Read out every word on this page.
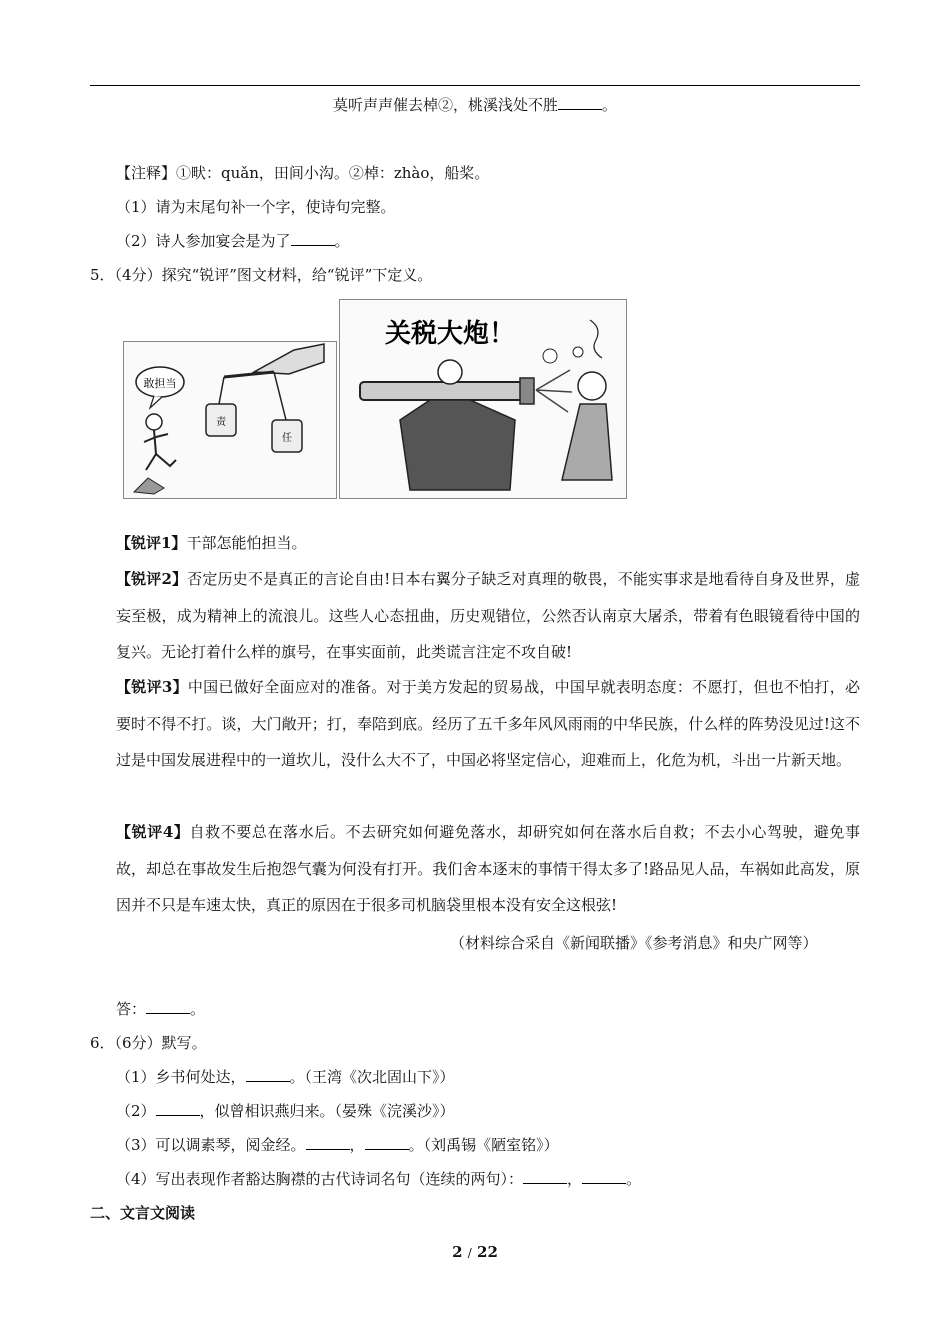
莫听声声催去棹②，桃溪浅处不胜	。
【注释】①畎：quǎn，田间小沟。②棹：zhào，船桨。
（1）请为末尾句补一个字，使诗句完整。
（2）诗人参加宴会是为了	。
5．（4分）探究“锐评”图文材料，给“锐评”下定义。
敢担当
责
任
关税大炮！
【锐评1】干部怎能怕担当。
【锐评2】否定历史不是真正的言论自由!日本右翼分子缺乏对真理的敬畏，不能实事求是地看待自身及世界，虚妄至极，成为精神上的流浪儿。这些人心态扭曲，历史观错位，公然否认南京大屠杀，带着有色眼镜看待中国的复兴。无论打着什么样的旗号，在事实面前，此类谎言注定不攻自破!
【锐评3】中国已做好全面应对的准备。对于美方发起的贸易战，中国早就表明态度：不愿打，但也不怕打，必要时不得不打。谈，大门敞开；打，奉陪到底。经历了五千多年风风雨雨的中华民族，什么样的阵势没见过!这不过是中国发展进程中的一道坎儿，没什么大不了，中国必将坚定信心，迎难而上，化危为机，斗出一片新天地。
【锐评4】自救不要总在落水后。不去研究如何避免落水，却研究如何在落水后自救；不去小心驾驶，避免事故，却总在事故发生后抱怨气囊为何没有打开。我们舍本逐末的事情干得太多了!路品见人品，车祸如此高发，原因并不只是车速太快，真正的原因在于很多司机脑袋里根本没有安全这根弦!
（材料综合采自《新闻联播》《参考消息》和央广网等）
答：	。
6．（6分）默写。
（1）乡书何处达，	。（王湾《次北固山下》）
（2）	，似曾相识燕归来。（晏殊《浣溪沙》）
（3）可以调素琴，阅金经。	，	。（刘禹锡《陋室铭》）
（4）写出表现作者豁达胸襟的古代诗词名句（连续的两句）：	，	。
二、文言文阅读
2 / 22
